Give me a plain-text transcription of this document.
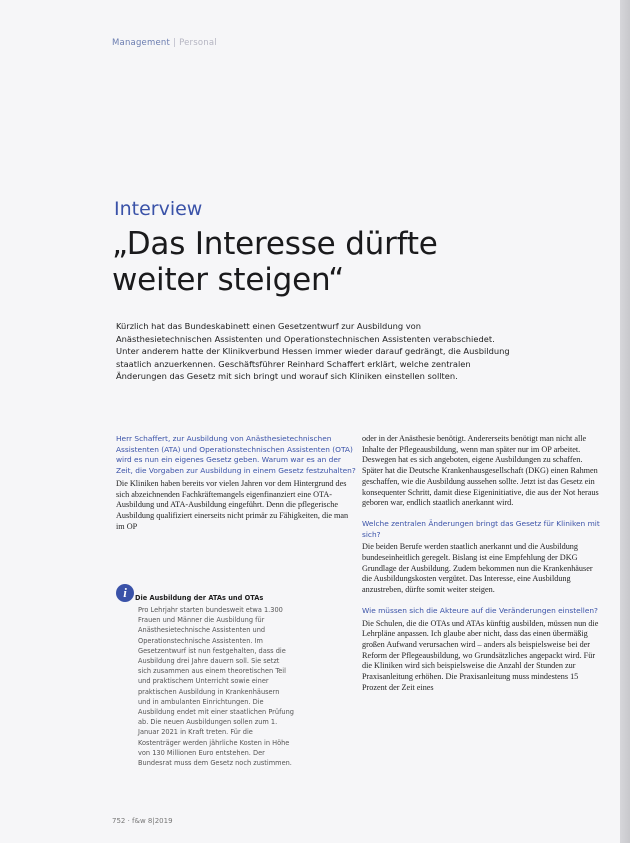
Management | Personal
Interview
„Das Interesse dürfte
weiter steigen“
Kürzlich hat das Bundeskabinett einen Gesetzentwurf zur Ausbildung von Anästhesietechnischen Assistenten und Operationstechnischen Assistenten verabschiedet. Unter anderem hatte der Klinikverbund Hessen immer wieder darauf gedrängt, die Ausbildung staatlich anzuerkennen. Geschäftsführer Reinhard Schaffert erklärt, welche zentralen Änderungen das Gesetz mit sich bringt und worauf sich Kliniken einstellen sollten.
Herr Schaffert, zur Ausbildung von Anästhesietechnischen Assistenten (ATA) und Operationstechnischen Assistenten (OTA) wird es nun ein eigenes Gesetz geben. Warum war es an der Zeit, die Vorgaben zur Ausbildung in einem Gesetz festzuhalten?
Die Kliniken haben bereits vor vielen Jahren vor dem Hintergrund des sich abzeichnenden Fachkräftemangels eigenfinanziert eine OTA-Ausbildung und ATA-Ausbildung eingeführt. Denn die pflegerische Ausbildung qualifiziert einerseits nicht primär zu Fähigkeiten, die man im OP
i	Die Ausbildung der ATAs und OTAs
Pro Lehrjahr starten bundesweit etwa 1.300 Frauen und Männer die Ausbildung für Anästhesietechnische Assistenten und Operationstechnische Assistenten. Im Gesetzentwurf ist nun festgehalten, dass die Ausbildung drei Jahre dauern soll. Sie setzt sich zusammen aus einem theoretischen Teil und praktischem Unterricht sowie einer praktischen Ausbildung in Krankenhäusern und in ambulanten Einrichtungen. Die Ausbildung endet mit einer staatlichen Prüfung ab. Die neuen Ausbildungen sollen zum 1. Januar 2021 in Kraft treten. Für die Kostenträger werden jährliche Kosten in Höhe von 130 Millionen Euro entstehen. Der Bundesrat muss dem Gesetz noch zustimmen.
oder in der Anästhesie benötigt. Andererseits benötigt man nicht alle Inhalte der Pflegeausbildung, wenn man später nur im OP arbeitet. Deswegen hat es sich angeboten, eigene Ausbildungen zu schaffen. Später hat die Deutsche Krankenhausgesellschaft (DKG) einen Rahmen geschaffen, wie die Ausbildung aussehen sollte. Jetzt ist das Gesetz ein konsequenter Schritt, damit diese Eigeninitiative, die aus der Not heraus geboren war, endlich staatlich anerkannt wird.
Welche zentralen Änderungen bringt das Gesetz für Kliniken mit sich?
Die beiden Berufe werden staatlich anerkannt und die Ausbildung bundeseinheitlich geregelt. Bislang ist eine Empfehlung der DKG Grundlage der Ausbildung. Zudem bekommen nun die Krankenhäuser die Ausbildungskosten vergütet. Das Interesse, eine Ausbildung anzustreben, dürfte somit weiter steigen.
Wie müssen sich die Akteure auf die Veränderungen einstellen?
Die Schulen, die die OTAs und ATAs künftig ausbilden, müssen nun die Lehrpläne anpassen. Ich glaube aber nicht, dass das einen übermäßig großen Aufwand verursachen wird – anders als beispielsweise bei der Reform der Pflegeausbildung, wo Grundsätzliches angepackt wird. Für die Kliniken wird sich beispielsweise die Anzahl der Stunden zur Praxisanleitung erhöhen. Die Praxisanleitung muss mindestens 15 Prozent der Zeit eines
752 · f&w 8|2019
